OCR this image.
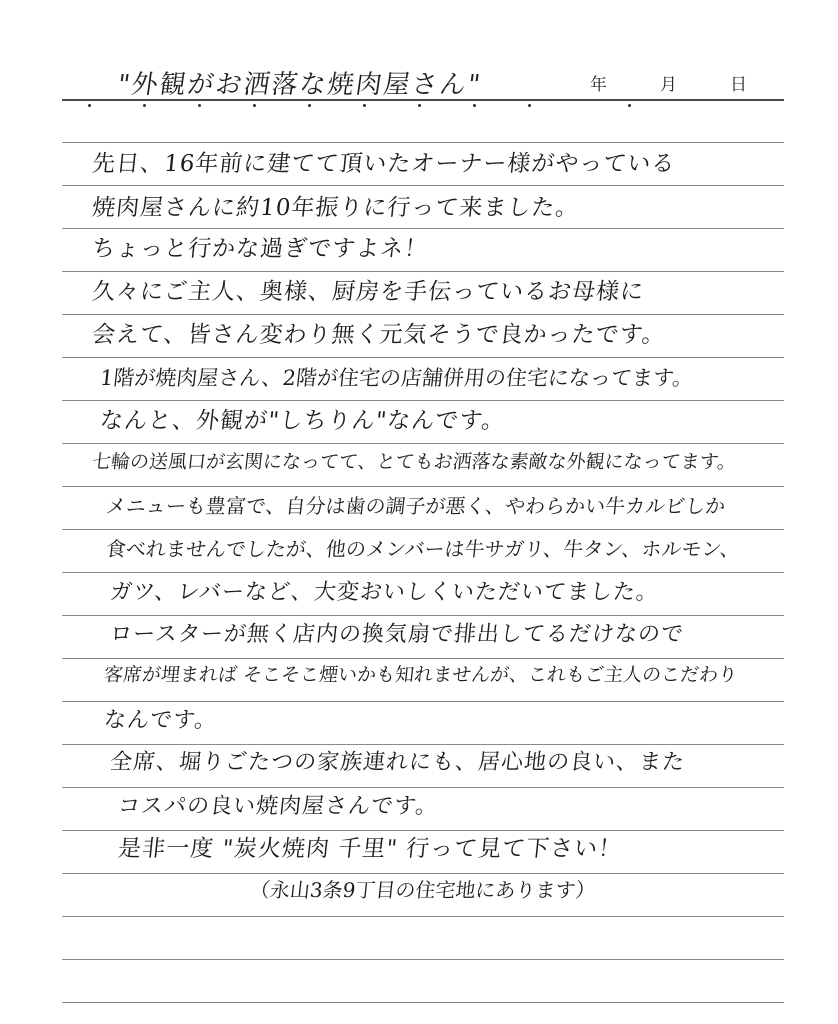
"外観がお洒落な焼肉屋さん"	年	月	日
先日、16年前に建てて頂いたオーナー様がやっている
焼肉屋さんに約10年振りに行って来ました。
ちょっと行かな過ぎですよネ！
久々にご主人、奥様、厨房を手伝っているお母様に
会えて、皆さん変わり無く元気そうで良かったです。
1階が焼肉屋さん、2階が住宅の店舗併用の住宅になってます。
なんと、外観が"しちりん"なんです。
七輪の送風口が玄関になってて、とてもお洒落な素敵な外観になってます。
メニューも豊富で、自分は歯の調子が悪く、やわらかい牛カルビしか
食べれませんでしたが、他のメンバーは牛サガリ、牛タン、ホルモン、
ガツ、レバーなど、大変おいしくいただいてました。
ロースターが無く店内の換気扇で排出してるだけなので
客席が埋まれば そこそこ煙いかも知れませんが、これもご主人のこだわり
なんです。
全席、堀りごたつの家族連れにも、居心地の良い、また
コスパの良い焼肉屋さんです。
是非一度 "炭火焼肉 千里" 行って見て下さい！
（永山3条9丁目の住宅地にあります）
